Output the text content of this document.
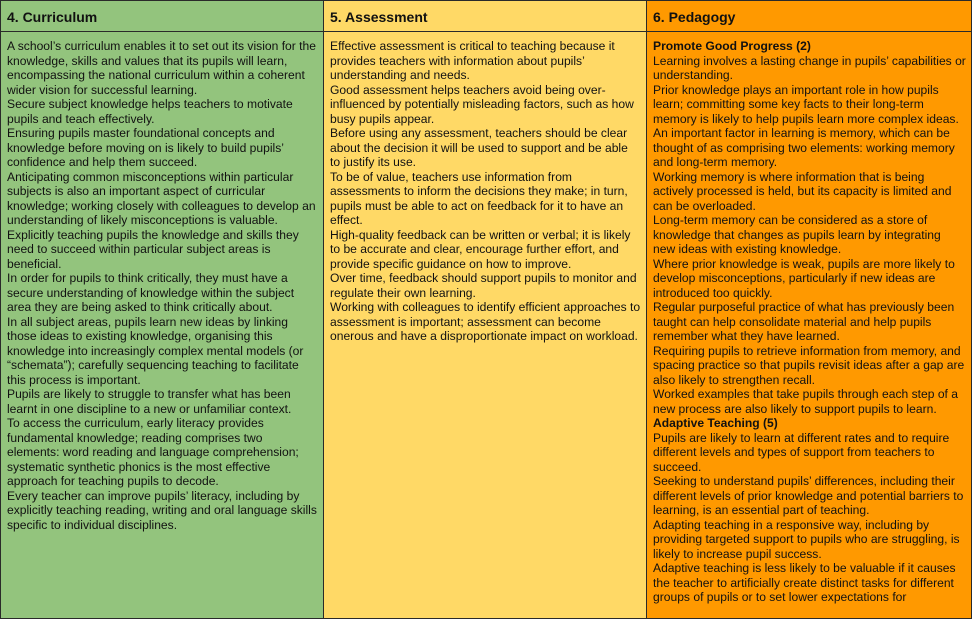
4. Curriculum	5. Assessment	6. Pedagogy

A school’s curriculum enables it to set out its vision for the knowledge, skills and values that its pupils will learn, encompassing the national curriculum within a coherent wider vision for successful learning.

Secure subject knowledge helps teachers to motivate pupils and teach effectively.

Ensuring pupils master foundational concepts and knowledge before moving on is likely to build pupils’ confidence and help them succeed.

Anticipating common misconceptions within particular subjects is also an important aspect of curricular knowledge; working closely with colleagues to develop an understanding of likely misconceptions is valuable.

Explicitly teaching pupils the knowledge and skills they need to succeed within particular subject areas is beneficial.

In order for pupils to think critically, they must have a secure understanding of knowledge within the subject area they are being asked to think critically about.

In all subject areas, pupils learn new ideas by linking those ideas to existing knowledge, organising this knowledge into increasingly complex mental models (or “schemata”); carefully sequencing teaching to facilitate this process is important.

Pupils are likely to struggle to transfer what has been learnt in one discipline to a new or unfamiliar context.

To access the curriculum, early literacy provides fundamental knowledge; reading comprises two elements: word reading and language comprehension; systematic synthetic phonics is the most effective approach for teaching pupils to decode.

Every teacher can improve pupils’ literacy, including by explicitly teaching reading, writing and oral language skills specific to individual disciplines.

Effective assessment is critical to teaching because it provides teachers with information about pupils’ understanding and needs.

Good assessment helps teachers avoid being over-influenced by potentially misleading factors, such as how busy pupils appear.

Before using any assessment, teachers should be clear about the decision it will be used to support and be able to justify its use.

To be of value, teachers use information from assessments to inform the decisions they make; in turn, pupils must be able to act on feedback for it to have an effect.

High-quality feedback can be written or verbal; it is likely to be accurate and clear, encourage further effort, and provide specific guidance on how to improve.

Over time, feedback should support pupils to monitor and regulate their own learning.

Working with colleagues to identify efficient approaches to assessment is important; assessment can become onerous and have a disproportionate impact on workload.

Promote Good Progress (2)

Learning involves a lasting change in pupils’ capabilities or understanding.

Prior knowledge plays an important role in how pupils learn; committing some key facts to their long-term memory is likely to help pupils learn more complex ideas.

An important factor in learning is memory, which can be thought of as comprising two elements: working memory and long-term memory.

Working memory is where information that is being actively processed is held, but its capacity is limited and can be overloaded.

Long-term memory can be considered as a store of knowledge that changes as pupils learn by integrating new ideas with existing knowledge.

Where prior knowledge is weak, pupils are more likely to develop misconceptions, particularly if new ideas are introduced too quickly.

Regular purposeful practice of what has previously been taught can help consolidate material and help pupils remember what they have learned.

Requiring pupils to retrieve information from memory, and spacing practice so that pupils revisit ideas after a gap are also likely to strengthen recall.

Worked examples that take pupils through each step of a new process are also likely to support pupils to learn.

Adaptive Teaching (5)

Pupils are likely to learn at different rates and to require different levels and types of support from teachers to succeed.

Seeking to understand pupils’ differences, including their different levels of prior knowledge and potential barriers to learning, is an essential part of teaching.

Adapting teaching in a responsive way, including by providing targeted support to pupils who are struggling, is likely to increase pupil success.

Adaptive teaching is less likely to be valuable if it causes the teacher to artificially create distinct tasks for different groups of pupils or to set lower expectations for
